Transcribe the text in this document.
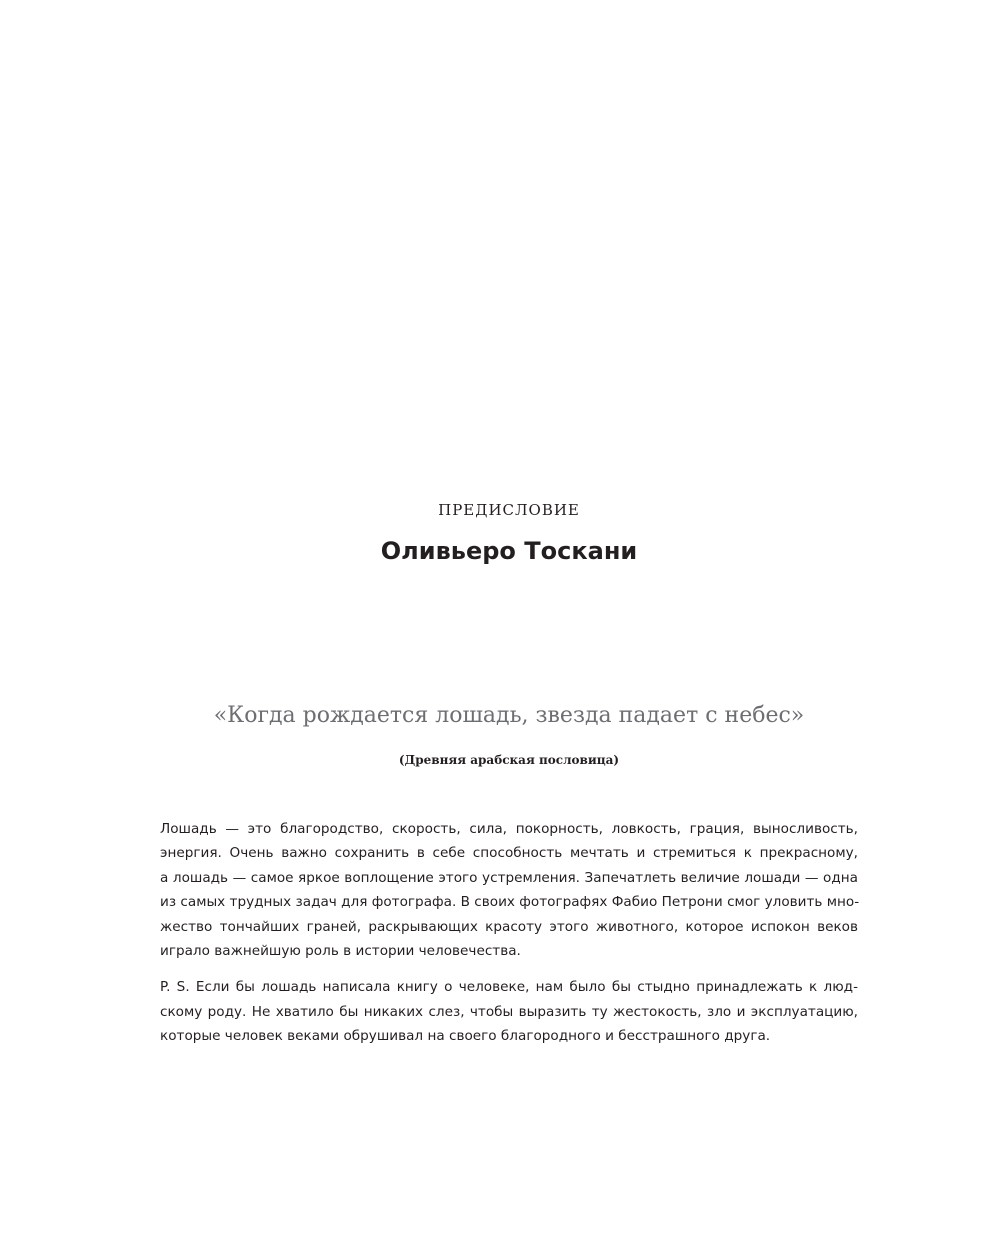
ПРЕДИСЛОВИЕ
Оливьеро Тоскани
«Когда рождается лошадь, звезда падает с небес»
(Древняя арабская пословица)

Лошадь — это благородство, скорость, сила, покорность, ловкость, грация, выносливость,
энергия. Очень важно сохранить в себе способность мечтать и стремиться к прекрасному,
а лошадь — самое яркое воплощение этого устремления. Запечатлеть величие лошади — одна
из самых трудных задач для фотографа. В своих фотографях Фабио Петрони смог уловить мно-
жество тончайших граней, раскрывающих красоту этого животного, которое испокон веков
играло важнейшую роль в истории человечества.

P. S. Если бы лошадь написала книгу о человеке, нам было бы стыдно принадлежать к люд-
скому роду. Не хватило бы никаких слез, чтобы выразить ту жестокость, зло и эксплуатацию,
которые человек веками обрушивал на своего благородного и бесстрашного друга.
